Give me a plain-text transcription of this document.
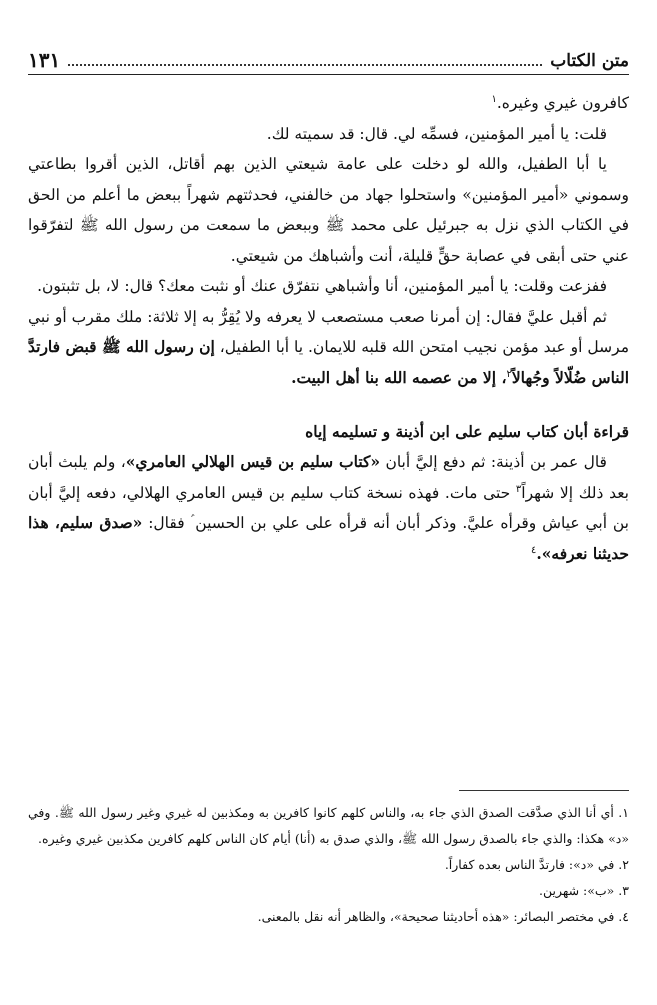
متن الكتاب
١٣١

كافرون غيري وغيره.$^١$

قلت: يا أمير المؤمنين، فسمِّه لي. قال: قد سميته لك.

يا أبا الطفيل، والله لو دخلت على عامة شيعتي الذين بهم أقاتل، الذين أقروا بطاعتي وسموني «أمير المؤمنين» واستحلوا جهاد من خالفني، فحدثتهم شهراً ببعض ما أعلم من الحق في الكتاب الذي نزل به جبرئيل على محمد ﷺ وببعض ما سمعت من رسول الله ﷺ لتفرّقوا عني حتى أبقى في عصابة حقٍّ قليلة، أنت وأشباهك من شيعتي.

ففزعت وقلت: يا أمير المؤمنين، أنا وأشباهي نتفرّق عنك أو نثبت معك؟ قال: لا، بل تثبتون.

ثم أقبل عليَّ فقال: إن أمرنا صعب مستصعب لا يعرفه ولا يُقِرُّ به إلا ثلاثة: ملك مقرب أو نبي مرسل أو عبد مؤمن نجيب امتحن الله قلبه للايمان. يا أبا الطفيل، إن رسول الله ﷺ قبض فارتدَّ الناس ضُلّالاً وجُهالاً$^٢$، إلا من عصمه الله بنا أهل البيت.

قراءة أبان كتاب سليم على ابن أذينة و تسليمه إياه

قال عمر بن أذينة: ثم دفع إليَّ أبان «كتاب سليم بن قيس الهلالي العامري»، ولم يلبث أبان بعد ذلك إلا شهراً$^٣$ حتى مات. فهذه نسخة كتاب سليم بن قيس العامري الهلالي، دفعه إليَّ أبان بن أبي عياش وقرأه عليَّ. وذكر أبان أنه قرأه على علي بن الحسين ؑ فقال: «صدق سليم، هذا حديثنا نعرفه».$^٤$

١. أي أنا الذي صدَّقت الصدق الذي جاء به، والناس كلهم كانوا كافرين به ومكذبين له غيري وغير رسول الله ﷺ. وفي «د» هكذا: والذي جاء بالصدق رسول الله ﷺ، والذي صدق به (أنا) أيام كان الناس كلهم كافرين مكذبين غيري وغيره.

٢. في «د»: فارتدَّ الناس بعده كفاراً.

٣. «ب»: شهرين.

٤. في مختصر البصائر: «هذه أحاديثنا صحيحة»، والظاهر أنه نقل بالمعنى.
